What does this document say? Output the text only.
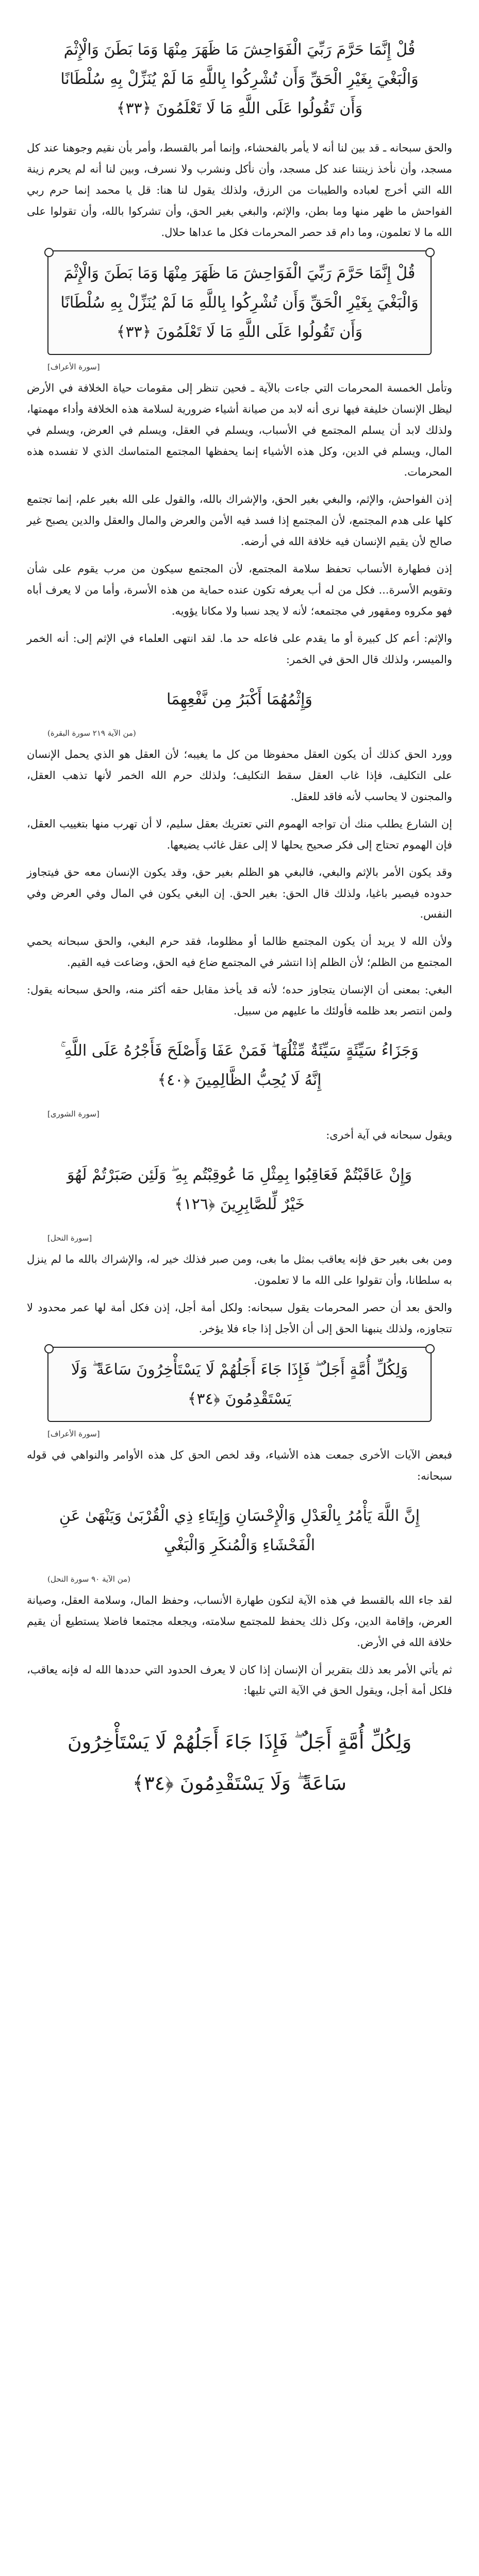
قُلْ إِنَّمَا حَرَّمَ رَبِّيَ الْفَوَاحِشَ مَا ظَهَرَ مِنْهَا وَمَا بَطَنَ وَالْإِثْمَ وَالْبَغْيَ بِغَيْرِ الْحَقِّ وَأَن تُشْرِكُوا بِاللَّهِ مَا لَمْ يُنَزِّلْ بِهِ سُلْطَانًا وَأَن تَقُولُوا عَلَى اللَّهِ مَا لَا تَعْلَمُونَ ﴿٣٣﴾

والحق سبحانه ـ قد بين لنا أنه لا يأمر بالفحشاء، وإنما أمر بالقسط، وأمر بأن نقيم وجوهنا عند كل مسجد، وأن نأخذ زينتنا عند كل مسجد، وأن نأكل ونشرب ولا نسرف، وبين لنا أنه لم يحرم زينة الله التي أخرج لعباده والطيبات من الرزق، ولذلك يقول لنا هنا: قل يا محمد إنما حرم ربي الفواحش ما ظهر منها وما بطن، والإثم، والبغي بغير الحق، وأن تشركوا بالله، وأن تقولوا على الله ما لا تعلمون، وما دام قد حصر المحرمات فكل ما عداها حلال.

قُلْ إِنَّمَا حَرَّمَ رَبِّيَ الْفَوَاحِشَ مَا ظَهَرَ مِنْهَا وَمَا بَطَنَ وَالْإِثْمَ وَالْبَغْيَ بِغَيْرِ الْحَقِّ وَأَن تُشْرِكُوا بِاللَّهِ مَا لَمْ يُنَزِّلْ بِهِ سُلْطَانًا وَأَن تَقُولُوا عَلَى اللَّهِ مَا لَا تَعْلَمُونَ ﴿٣٣﴾
[سورة الأعراف]

وتأمل الخمسة المحرمات التي جاءت بالآية ـ فحين تنظر إلى مقومات حياة الخلافة في الأرض ليظل الإنسان خليفة فيها نرى أنه لابد من صيانة أشياء ضرورية لسلامة هذه الخلافة وأداء مهمتها، ولذلك لابد أن يسلم المجتمع في الأسباب، ويسلم في العقل، ويسلم في العرض، ويسلم في المال، ويسلم في الدين، وكل هذه الأشياء إنما يحفظها المجتمع المتماسك الذي لا تفسده هذه المحرمات.

إذن الفواحش، والإثم، والبغي بغير الحق، والإشراك بالله، والقول على الله بغير علم، إنما تجتمع كلها على هدم المجتمع، لأن المجتمع إذا فسد فيه الأمن والعرض والمال والعقل والدين يصبح غير صالح لأن يقيم الإنسان فيه خلافة الله في أرضه.

إذن فطهارة الأنساب تحفظ سلامة المجتمع، لأن المجتمع سيكون من مرب يقوم على شأن وتقويم الأسرة... فكل من له أب يعرفه تكون عنده حماية من هذه الأسرة، وأما من لا يعرف أباه فهو مكروه ومقهور في مجتمعه؛ لأنه لا يجد نسبا ولا مكانا يؤويه.

والإثم: أعم كل كبيرة أو ما يقدم على فاعله حد ما. لقد انتهى العلماء في الإثم إلى: أنه الخمر والميسر، ولذلك قال الحق في الخمر:

وَإِثْمُهُمَا أَكْبَرُ مِن نَّفْعِهِمَا
(من الآية ٢١٩ سورة البقرة)

وورد الحق كذلك أن يكون العقل محفوظا من كل ما يغيبه؛ لأن العقل هو الذي يحمل الإنسان على التكليف، فإذا غاب العقل سقط التكليف؛ ولذلك حرم الله الخمر لأنها تذهب العقل، والمجنون لا يحاسب لأنه فاقد للعقل.

إن الشارع يطلب منك أن تواجه الهموم التي تعتريك بعقل سليم، لا أن تهرب منها بتغييب العقل، فإن الهموم تحتاج إلى فكر صحيح يحلها لا إلى عقل غائب يضيعها.

وقد يكون الأمر بالإثم والبغي، فالبغي هو الظلم بغير حق، وقد يكون الإنسان معه حق فيتجاوز حدوده فيصير باغيا، ولذلك قال الحق: بغير الحق. إن البغي يكون في المال وفي العرض وفي النفس.

ولأن الله لا يريد أن يكون المجتمع ظالما أو مظلوما، فقد حرم البغي، والحق سبحانه يحمي المجتمع من الظلم؛ لأن الظلم إذا انتشر في المجتمع ضاع فيه الحق، وضاعت فيه القيم.

البغي: بمعنى أن الإنسان يتجاوز حده؛ لأنه قد يأخذ مقابل حقه أكثر منه، والحق سبحانه يقول: ولمن انتصر بعد ظلمه فأولئك ما عليهم من سبيل.

وَجَزَاءُ سَيِّئَةٍ سَيِّئَةٌ مِّثْلُهَا ۖ فَمَنْ عَفَا وَأَصْلَحَ فَأَجْرُهُ عَلَى اللَّهِ ۚ إِنَّهُ لَا يُحِبُّ الظَّالِمِينَ ﴿٤٠﴾
[سورة الشورى]

ويقول سبحانه في آية أخرى:

وَإِنْ عَاقَبْتُمْ فَعَاقِبُوا بِمِثْلِ مَا عُوقِبْتُم بِهِ ۖ وَلَئِن صَبَرْتُمْ لَهُوَ خَيْرٌ لِّلصَّابِرِينَ ﴿١٢٦﴾
[سورة النحل]

ومن بغى بغير حق فإنه يعاقب بمثل ما بغى، ومن صبر فذلك خير له، والإشراك بالله ما لم ينزل به سلطانا، وأن تقولوا على الله ما لا تعلمون.

والحق بعد أن حصر المحرمات يقول سبحانه: ولكل أمة أجل، إذن فكل أمة لها عمر محدود لا تتجاوزه، ولذلك ينبهنا الحق إلى أن الأجل إذا جاء فلا يؤخر.

وَلِكُلِّ أُمَّةٍ أَجَلٌ ۖ فَإِذَا جَاءَ أَجَلُهُمْ لَا يَسْتَأْخِرُونَ سَاعَةً ۖ وَلَا يَسْتَقْدِمُونَ ﴿٣٤﴾
[سورة الأعراف]

فبعض الآيات الأخرى جمعت هذه الأشياء، وقد لخص الحق كل هذه الأوامر والنواهي في قوله سبحانه:

إِنَّ اللَّهَ يَأْمُرُ بِالْعَدْلِ وَالْإِحْسَانِ وَإِيتَاءِ ذِي الْقُرْبَىٰ وَيَنْهَىٰ عَنِ الْفَحْشَاءِ وَالْمُنكَرِ وَالْبَغْيِ
(من الآية ٩٠ سورة النحل)

لقد جاء الله بالقسط في هذه الآية لتكون طهارة الأنساب، وحفظ المال، وسلامة العقل، وصيانة العرض، وإقامة الدين، وكل ذلك يحفظ للمجتمع سلامته، ويجعله مجتمعا فاضلا يستطيع أن يقيم خلافة الله في الأرض.

ثم يأتي الأمر بعد ذلك بتقرير أن الإنسان إذا كان لا يعرف الحدود التي حددها الله له فإنه يعاقب، فلكل أمة أجل، ويقول الحق في الآية التي تليها:

وَلِكُلِّ أُمَّةٍ أَجَلٌ ۖ فَإِذَا جَاءَ أَجَلُهُمْ لَا يَسْتَأْخِرُونَ سَاعَةً ۖ وَلَا يَسْتَقْدِمُونَ ﴿٣٤﴾
